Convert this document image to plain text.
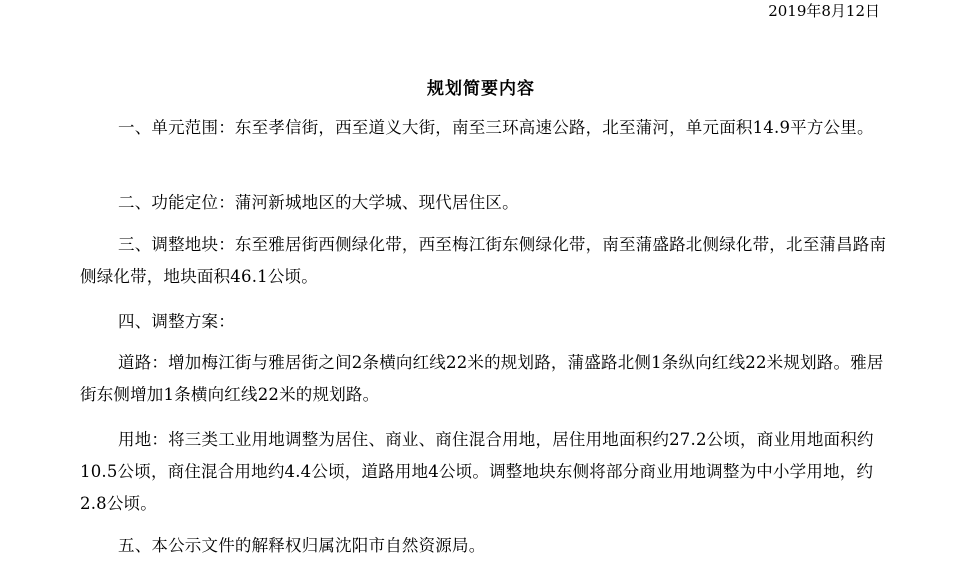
2019年8月12日
规划简要内容

一、单元范围：东至孝信街，西至道义大街，南至三环高速公路，北至蒲河，单元面积14.9平方公里。

二、功能定位：蒲河新城地区的大学城、现代居住区。

三、调整地块：东至雅居街西侧绿化带，西至梅江街东侧绿化带，南至蒲盛路北侧绿化带，北至蒲昌路南侧绿化带，地块面积46.1公顷。

四、调整方案：

道路：增加梅江街与雅居街之间2条横向红线22米的规划路，蒲盛路北侧1条纵向红线22米规划路。雅居街东侧增加1条横向红线22米的规划路。

用地：将三类工业用地调整为居住、商业、商住混合用地，居住用地面积约27.2公顷，商业用地面积约10.5公顷，商住混合用地约4.4公顷，道路用地4公顷。调整地块东侧将部分商业用地调整为中小学用地，约2.8公顷。

五、本公示文件的解释权归属沈阳市自然资源局。
